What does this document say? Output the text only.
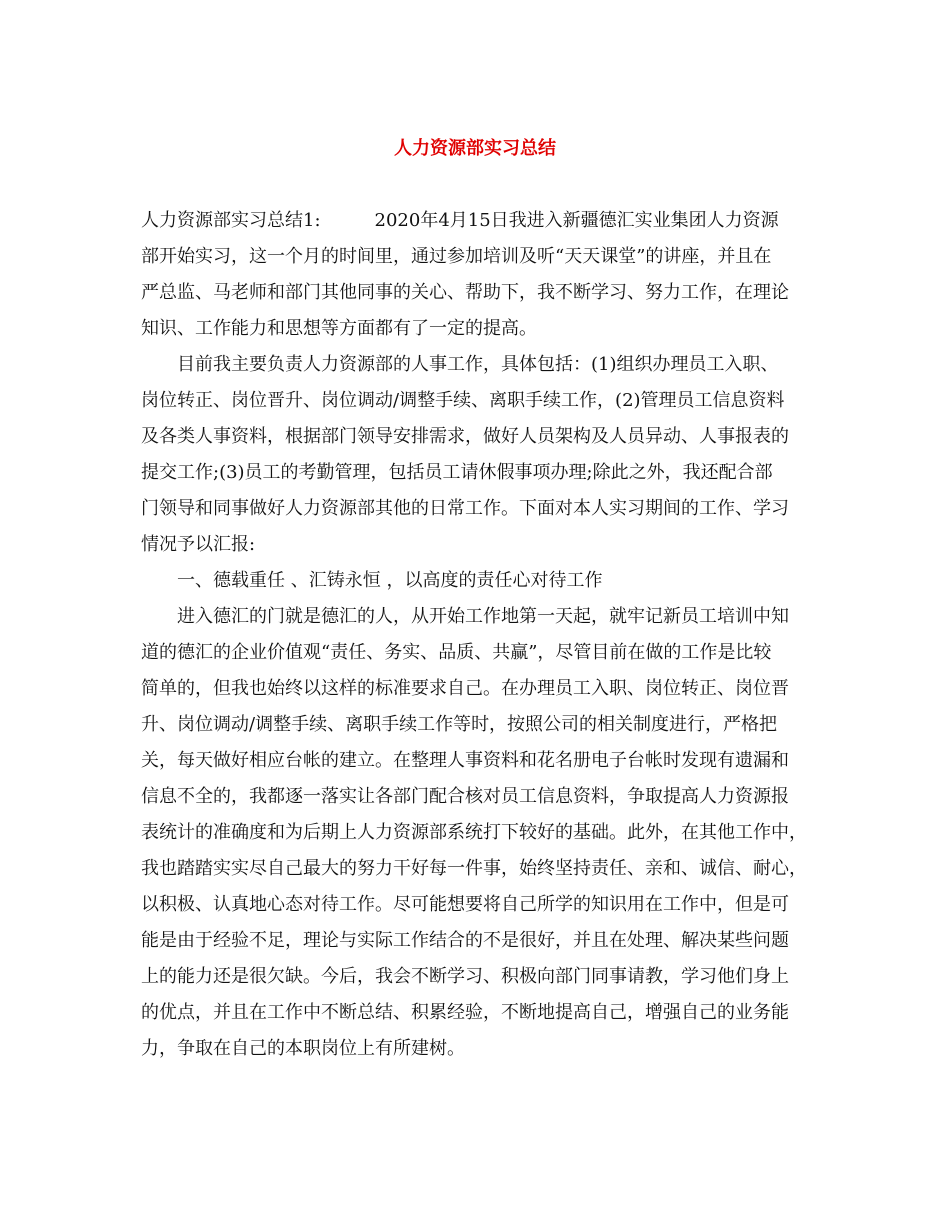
人力资源部实习总结
人力资源部实习总结1:　　　2020年4月15日我进入新疆德汇实业集团人力资源
部开始实习，这一个月的时间里，通过参加培训及听“天天课堂”的讲座，并且在
严总监、马老师和部门其他同事的关心、帮助下，我不断学习、努力工作，在理论
知识、工作能力和思想等方面都有了一定的提高。
目前我主要负责人力资源部的人事工作，具体包括：(1)组织办理员工入职、
岗位转正、岗位晋升、岗位调动/调整手续、离职手续工作，(2)管理员工信息资料
及各类人事资料，根据部门领导安排需求，做好人员架构及人员异动、人事报表的
提交工作;(3)员工的考勤管理，包括员工请休假事项办理;除此之外，我还配合部
门领导和同事做好人力资源部其他的日常工作。下面对本人实习期间的工作、学习
情况予以汇报:
一、德载重任 、汇铸永恒 ，以高度的责任心对待工作
进入德汇的门就是德汇的人，从开始工作地第一天起，就牢记新员工培训中知
道的德汇的企业价值观“责任、务实、品质、共赢”，尽管目前在做的工作是比较
简单的，但我也始终以这样的标准要求自己。在办理员工入职、岗位转正、岗位晋
升、岗位调动/调整手续、离职手续工作等时，按照公司的相关制度进行，严格把
关，每天做好相应台帐的建立。在整理人事资料和花名册电子台帐时发现有遗漏和
信息不全的，我都逐一落实让各部门配合核对员工信息资料，争取提高人力资源报
表统计的准确度和为后期上人力资源部系统打下较好的基础。此外，在其他工作中，
我也踏踏实实尽自己最大的努力干好每一件事，始终坚持责任、亲和、诚信、耐心，
以积极、认真地心态对待工作。尽可能想要将自己所学的知识用在工作中，但是可
能是由于经验不足，理论与实际工作结合的不是很好，并且在处理、解决某些问题
上的能力还是很欠缺。今后，我会不断学习、积极向部门同事请教，学习他们身上
的优点，并且在工作中不断总结、积累经验，不断地提高自己，增强自己的业务能
力，争取在自己的本职岗位上有所建树。
